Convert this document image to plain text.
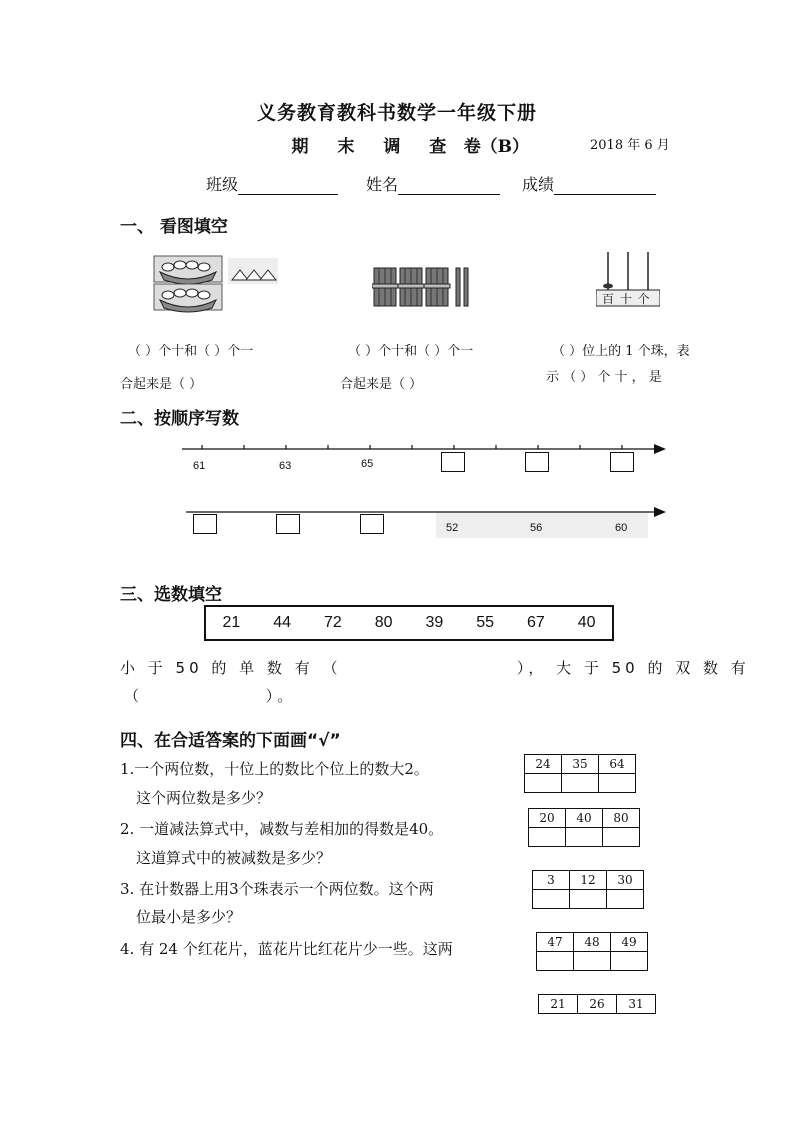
义务教育教科书数学一年级下册
期 末 调 查 卷（B）	2018 年 6 月
班级	姓名	成绩
一、 看图填空
百 十 个
（ ）个十和（ ）个一
合起来是（ ）
（ ）个十和（ ）个一
合起来是（ ）
（ ）位上的 1 个珠，表
示 （ ） 个 十 ， 是
二、按顺序写数
61	63	65
52	56	60
三、选数填空
21 44 72 80 39 55 67 40
小 于 50 的 单 数 有 （                    ）， 大 于 50 的 双 数 有
（              ）。
四、在合适答案的下面画“√”
1.一个两位数，十位上的数比个位上的数大2。
这个两位数是多少？
24	35	64

2. 一道减法算式中，减数与差相加的得数是40。
这道算式中的被减数是多少？
20	40	80

3. 在计数器上用3个珠表示一个两位数。这个两
位最小是多少？
3	12	30

4. 有 24 个红花片，蓝花片比红花片少一些。这两	47	48	49

21	26	31
